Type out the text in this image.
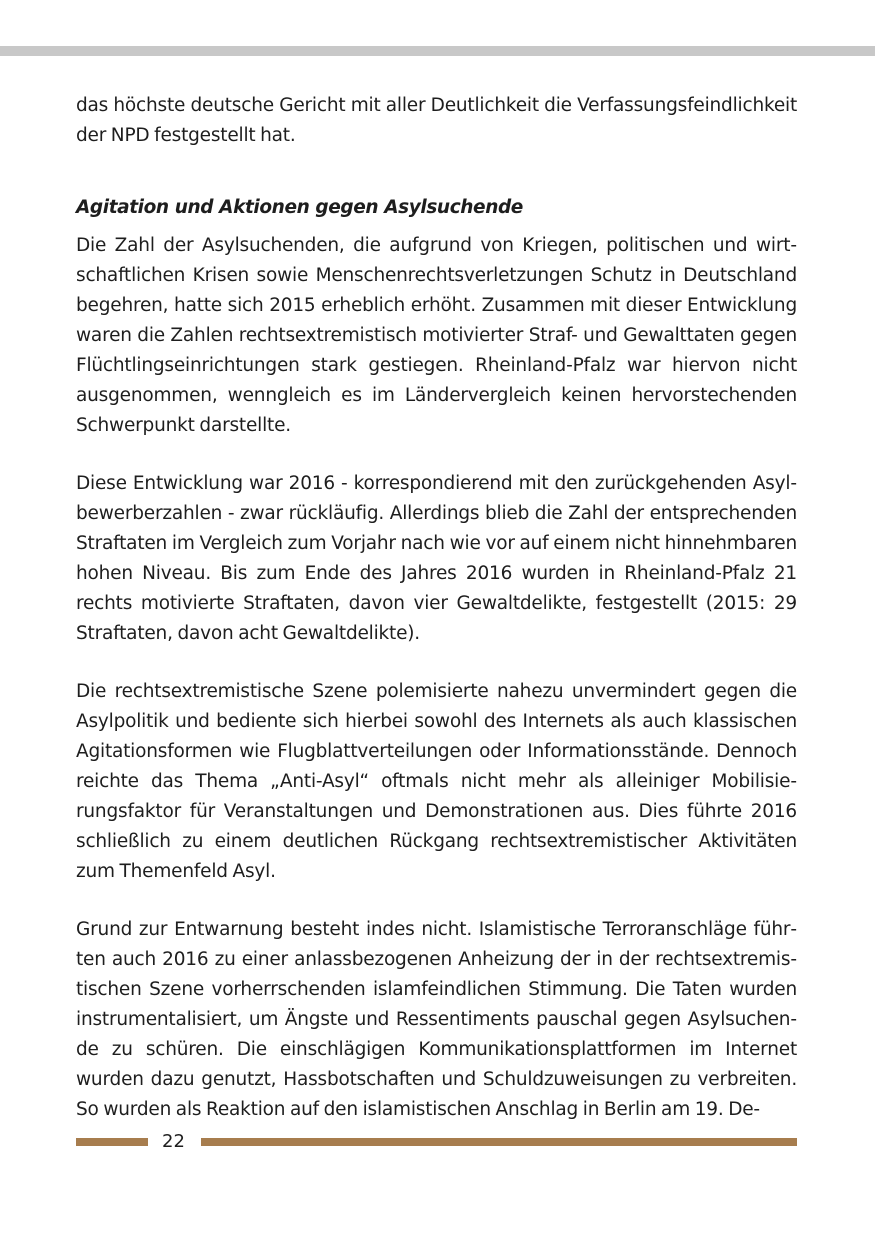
das höchste deutsche Gericht mit aller Deutlichkeit die Verfassungsfeindlichkeit der NPD festgestellt hat.

Agitation und Aktionen gegen Asylsuchende

Die Zahl der Asylsuchenden, die aufgrund von Kriegen, politischen und wirtschaftlichen Krisen sowie Menschenrechtsverletzungen Schutz in Deutschland begehren, hatte sich 2015 erheblich erhöht. Zusammen mit dieser Entwicklung waren die Zahlen rechtsextremistisch motivierter Straf- und Gewalttaten gegen Flüchtlingseinrichtungen stark gestiegen. Rheinland-Pfalz war hiervon nicht ausgenommen, wenngleich es im Ländervergleich keinen hervorstechenden Schwerpunkt darstellte.

Diese Entwicklung war 2016 - korrespondierend mit den zurückgehenden Asylbewerberzahlen - zwar rückläufig. Allerdings blieb die Zahl der entsprechenden Straftaten im Vergleich zum Vorjahr nach wie vor auf einem nicht hinnehmbaren hohen Niveau. Bis zum Ende des Jahres 2016 wurden in Rheinland-Pfalz 21 rechts motivierte Straftaten, davon vier Gewaltdelikte, festgestellt (2015: 29 Straftaten, davon acht Gewaltdelikte).

Die rechtsextremistische Szene polemisierte nahezu unvermindert gegen die Asylpolitik und bediente sich hierbei sowohl des Internets als auch klassischen Agitationsformen wie Flugblattverteilungen oder Informationsstände. Dennoch reichte das Thema „Anti-Asyl“ oftmals nicht mehr als alleiniger Mobilisierungsfaktor für Veranstaltungen und Demonstrationen aus. Dies führte 2016 schließlich zu einem deutlichen Rückgang rechtsextremistischer Aktivitäten zum Themenfeld Asyl.

Grund zur Entwarnung besteht indes nicht. Islamistische Terroranschläge führten auch 2016 zu einer anlassbezogenen Anheizung der in der rechtsextremistischen Szene vorherrschenden islamfeindlichen Stimmung. Die Taten wurden instrumentalisiert, um Ängste und Ressentiments pauschal gegen Asylsuchende zu schüren. Die einschlägigen Kommunikationsplattformen im Internet wurden dazu genutzt, Hassbotschaften und Schuldzuweisungen zu verbreiten. So wurden als Reaktion auf den islamistischen Anschlag in Berlin am 19. De-

22
